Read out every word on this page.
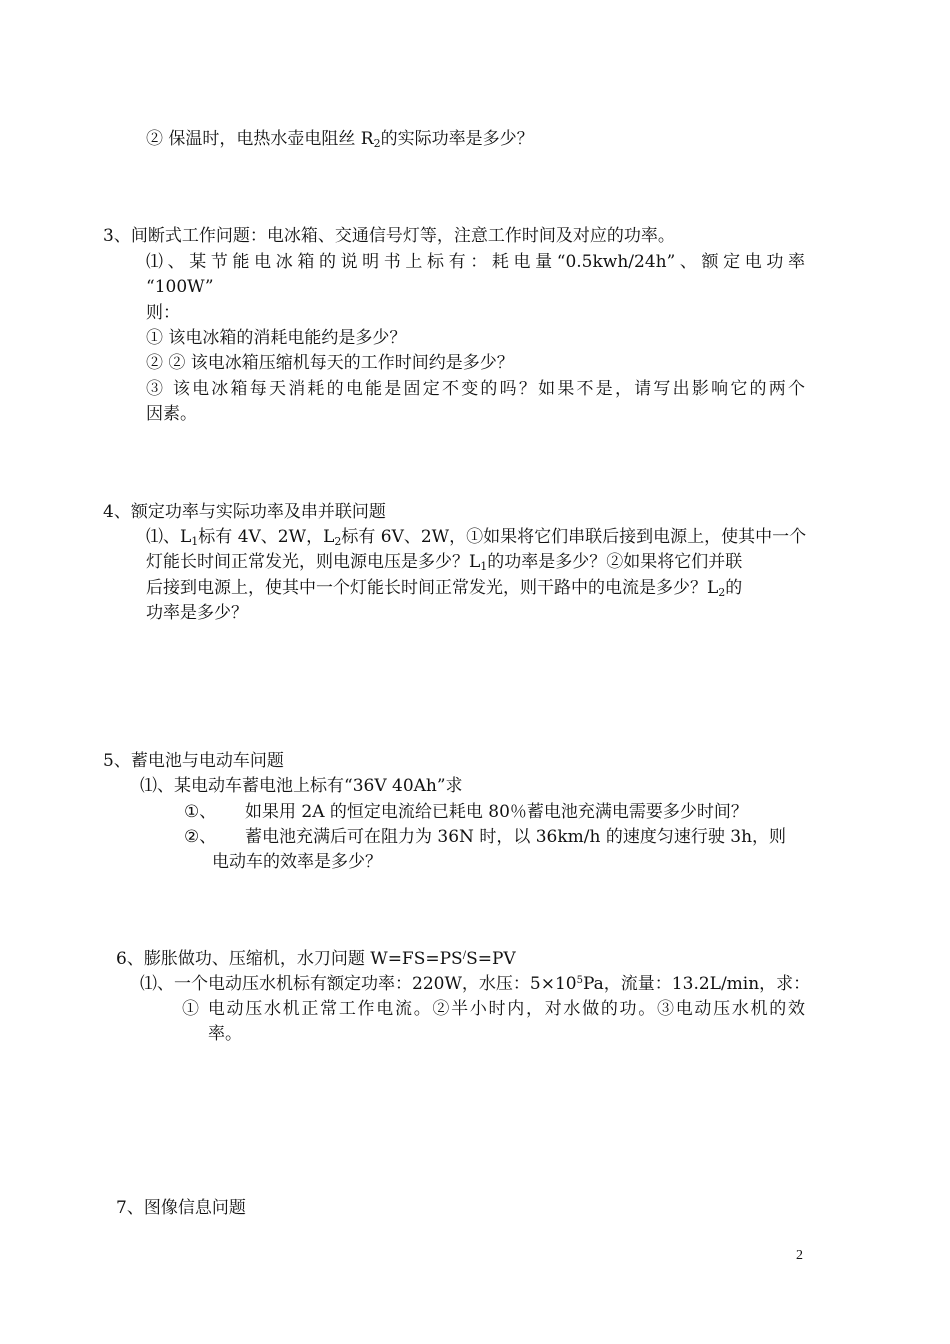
② 保温时，电热水壶电阻丝 $R_2$的实际功率是多少？
3、间断式工作问题：电冰箱、交通信号灯等，注意工作时间及对应的功率。
⑴、某节能电冰箱的说明书上标有：耗电量“0.5kwh/24h”、额定电功率
“100W”
则：
① 该电冰箱的消耗电能约是多少？
② ② 该电冰箱压缩机每天的工作时间约是多少？
③ 该电冰箱每天消耗的电能是固定不变的吗？如果不是，请写出影响它的两个
因素。
4、额定功率与实际功率及串并联问题
⑴、$L_1$标有 4V、2W，$L_2$标有 6V、2W，①如果将它们串联后接到电源上，使其中一个
灯能长时间正常发光，则电源电压是多少？$L_1$的功率是多少？②如果将它们并联
后接到电源上，使其中一个灯能长时间正常发光，则干路中的电流是多少？$L_2$的
功率是多少？
5、蓄电池与电动车问题
⑴、某电动车蓄电池上标有“36V 40Ah”求
①、 如果用 2A 的恒定电流给已耗电 80％蓄电池充满电需要多少时间？
②、 蓄电池充满后可在阻力为 36N 时，以 36km/h 的速度匀速行驶 3h，则
电动车的效率是多少？
6、膨胀做功、压缩机，水刀问题 W=FS=PS/S=PV
⑴、一个电动压水机标有额定功率：220W，水压：$5\times 10^5Pa$，流量：13.2L/min，求：
① 电动压水机正常工作电流。②半小时内，对水做的功。③电动压水机的效
率。
7、图像信息问题
2
